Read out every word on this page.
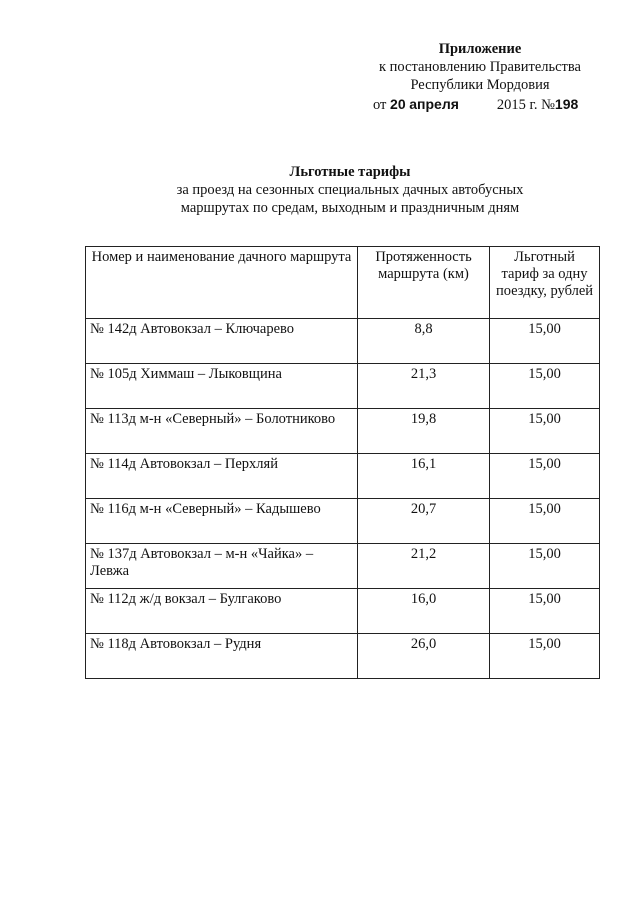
Приложение
к постановлению Правительства
Республики Мордовия
от 20 апреля	2015 г. №198
Льготные тарифы
за проезд на сезонных специальных дачных автобусных
маршрутах по средам, выходным и праздничным дням
Номер и наименование дачного маршрута	Протяженность маршрута (км)	Льготный тариф за одну поездку, рублей
№ 142д Автовокзал – Ключарево	8,8	15,00
№ 105д Химмаш – Лыковщина	21,3	15,00
№ 113д м-н «Северный» – Болотниково	19,8	15,00
№ 114д Автовокзал – Перхляй	16,1	15,00
№ 116д м-н «Северный» – Кадышево	20,7	15,00
№ 137д Автовокзал – м-н «Чайка» – Левжа	21,2	15,00
№ 112д ж/д вокзал – Булгаково	16,0	15,00
№ 118д Автовокзал – Рудня	26,0	15,00
